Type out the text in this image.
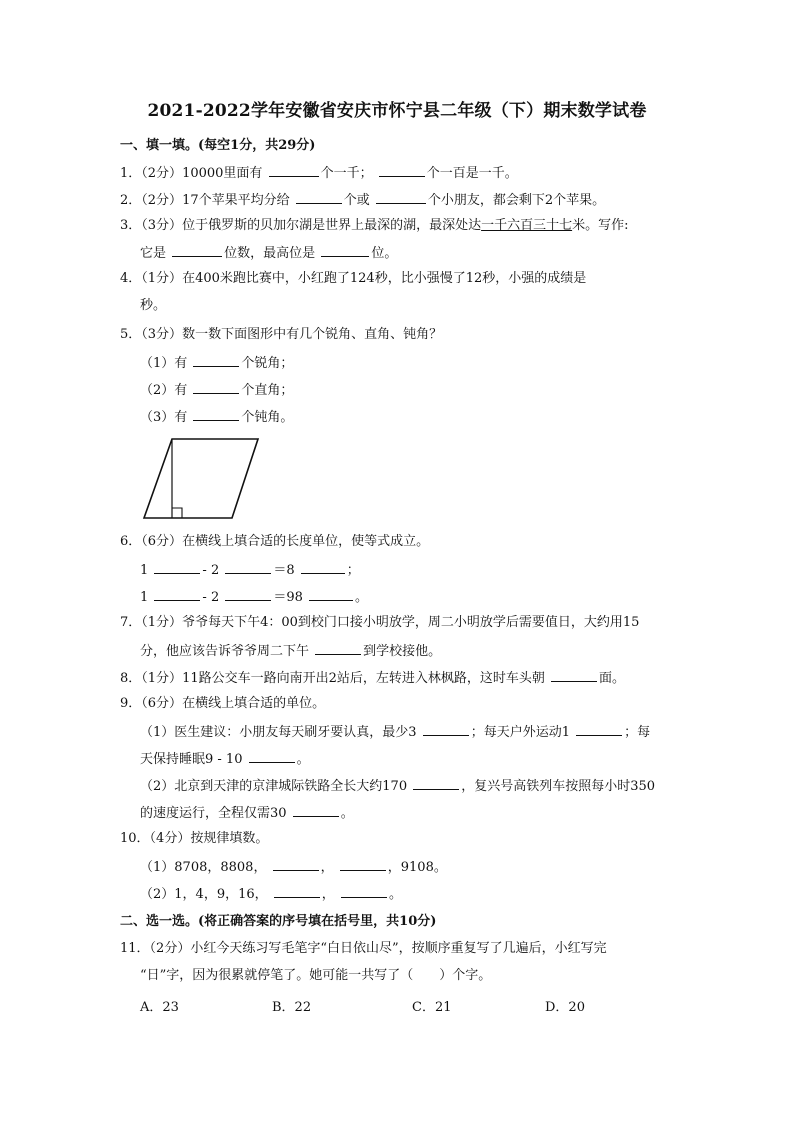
2021-2022学年安徽省安庆市怀宁县二年级（下）期末数学试卷
一、填一填。(每空1分，共29分)
1．（2分）10000里面有	个一千；	个一百是一千。
2．（2分）17个苹果平均分给	个或	个小朋友，都会剩下2个苹果。
3．（3分）位于俄罗斯的贝加尔湖是世界上最深的湖，最深处达一千六百三十七米。写作:
它是	位数，最高位是	位。
4．（1分）在400米跑比赛中，小红跑了124秒，比小强慢了12秒，小强的成绩是
秒。
5．（3分）数一数下面图形中有几个锐角、直角、钝角？
（1）有	个锐角；
（2）有	个直角；
（3）有	个钝角。
6．（6分）在横线上填合适的长度单位，使等式成立。
1	- 2	＝8	；
1	- 2	＝98	。
7．（1分）爷爷每天下午4：00到校门口接小明放学，周二小明放学后需要值日，大约用15
分，他应该告诉爷爷周二下午	到学校接他。
8．（1分）11路公交车一路向南开出2站后，左转进入林枫路，这时车头朝	面。
9．（6分）在横线上填合适的单位。
（1）医生建议：小朋友每天刷牙要认真，最少3	；每天户外运动1	；每
天保持睡眠9 - 10	。
（2）北京到天津的京津城际铁路全长大约170	，复兴号高铁列车按照每小时350
的速度运行，全程仅需30	。
10．（4分）按规律填数。
（1）8708，8808，	，	，9108。
（2）1，4，9，16，	，	。
二、选一选。(将正确答案的序号填在括号里，共10分)
11．（2分）小红今天练习写毛笔字“白日依山尽”，按顺序重复写了几遍后，小红写完
“日”字，因为很累就停笔了。她可能一共写了（　　）个字。
A．23	B．22	C．21	D．20
